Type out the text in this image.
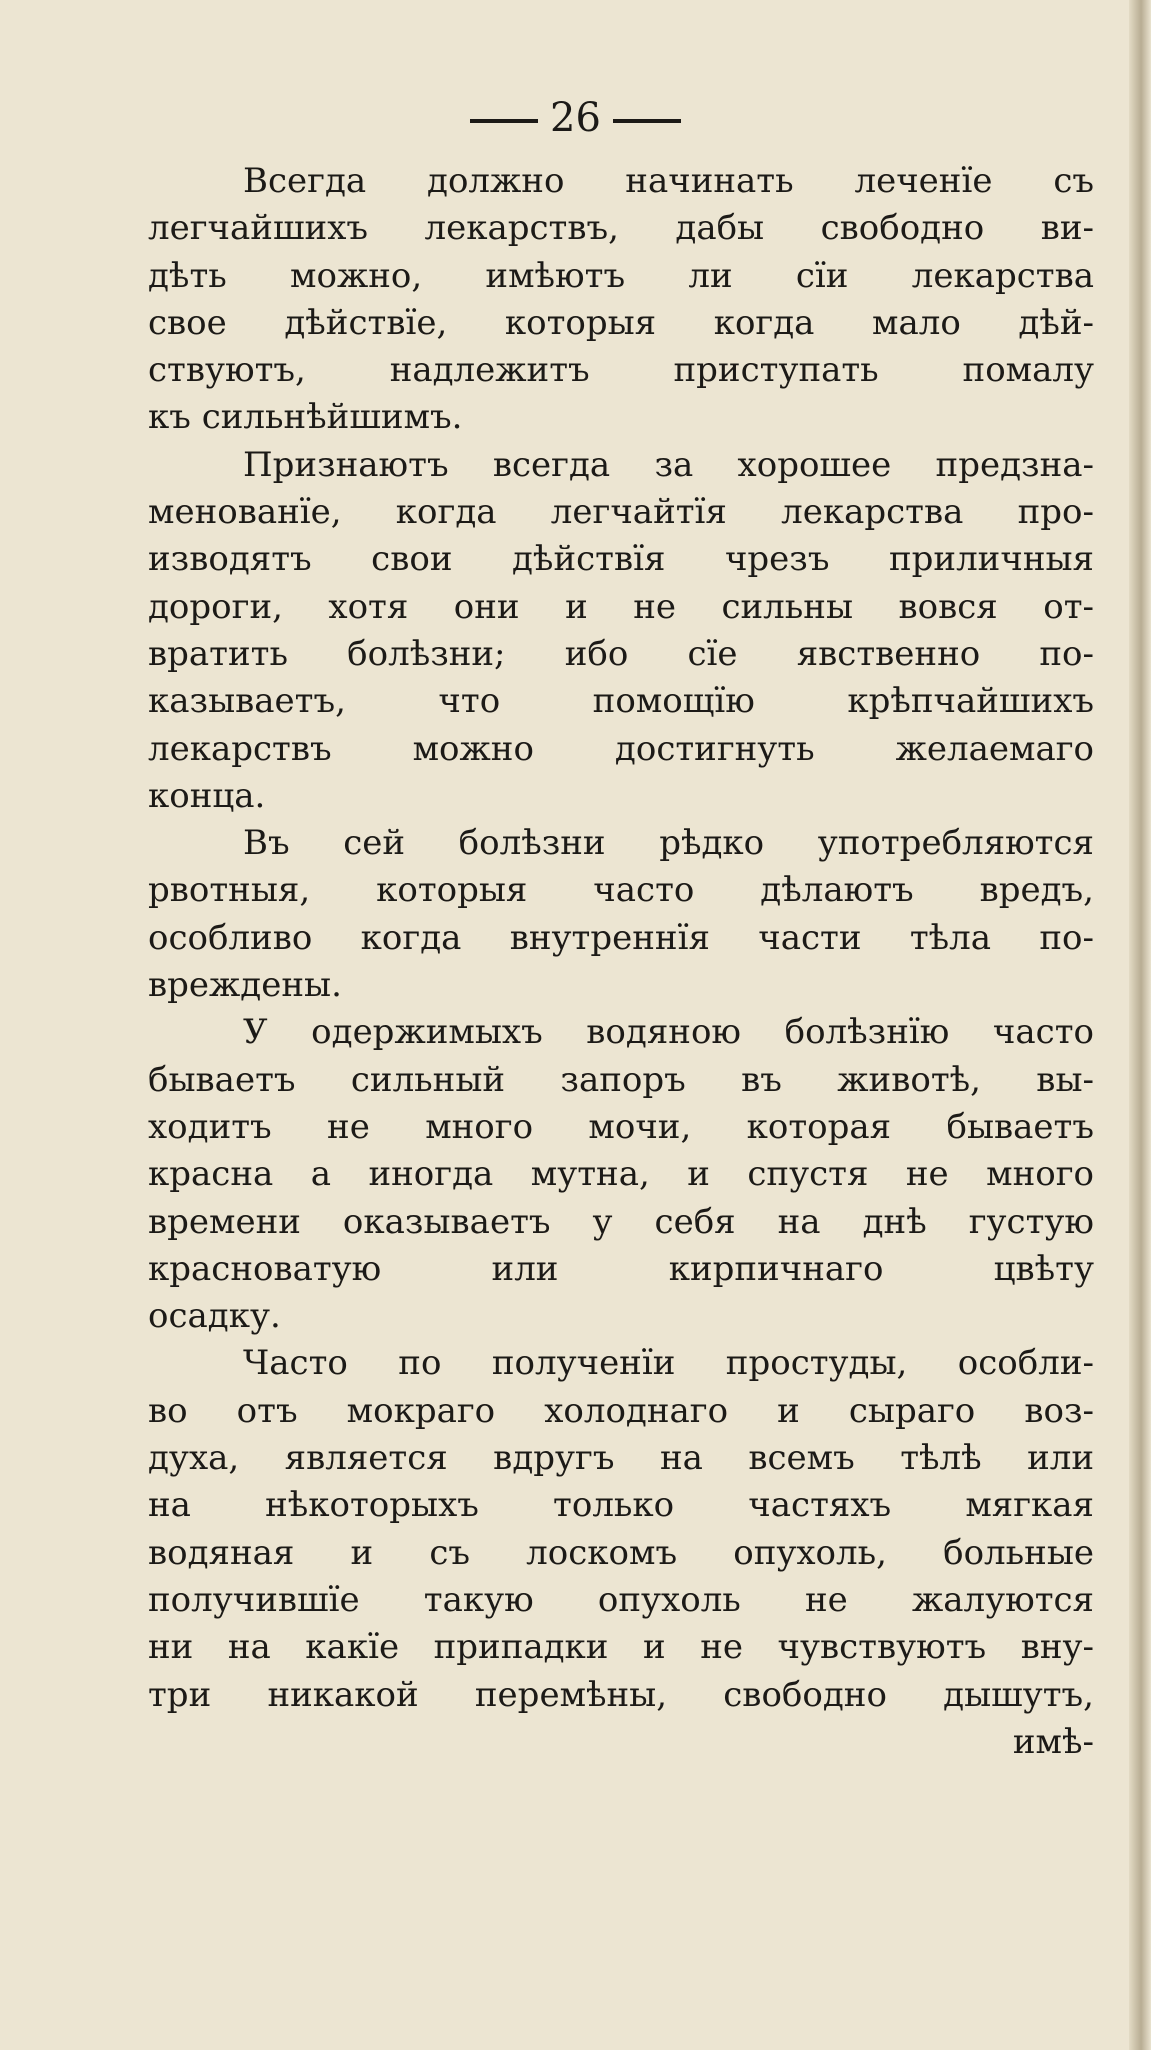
26
Всегда должно начинать леченїе съ
легчайшихъ лекарствъ, дабы свободно ви-
дѣть можно, имѣютъ ли сїи лекарства
свое дѣйствїе, которыя когда мало дѣй-
ствуютъ, надлежитъ приступать помалу
къ сильнѣйшимъ.
Признаютъ всегда за хорошее предзна-
менованїе, когда легчайтїя лекарства про-
изводятъ свои дѣйствїя чрезъ приличныя
дороги, хотя они и не сильны вовся от-
вратить болѣзни; ибо сїе явственно по-
казываетъ, что помощїю крѣпчайшихъ
лекарствъ можно достигнуть желаемаго
конца.
Въ сей болѣзни рѣдко употребляются
рвотныя, которыя часто дѣлаютъ вредъ,
особливо когда внутреннїя части тѣла по-
вреждены.
У одержимыхъ водяною болѣзнїю часто
бываетъ сильный запоръ въ животѣ, вы-
ходитъ не много мочи, которая бываетъ
красна а иногда мутна, и спустя не много
времени оказываетъ у себя на днѣ густую
красноватую или кирпичнаго цвѣту
осадку.
Часто по полученїи простуды, особли-
во отъ мокраго холоднаго и сыраго воз-
духа, является вдругъ на всемъ тѣлѣ или
на нѣкоторыхъ только частяхъ мягкая
водяная и съ лоскомъ опухоль, больные
получившїе такую опухоль не жалуются
ни на какїе припадки и не чувствуютъ вну-
три никакой перемѣны, свободно дышутъ,
имѣ-
